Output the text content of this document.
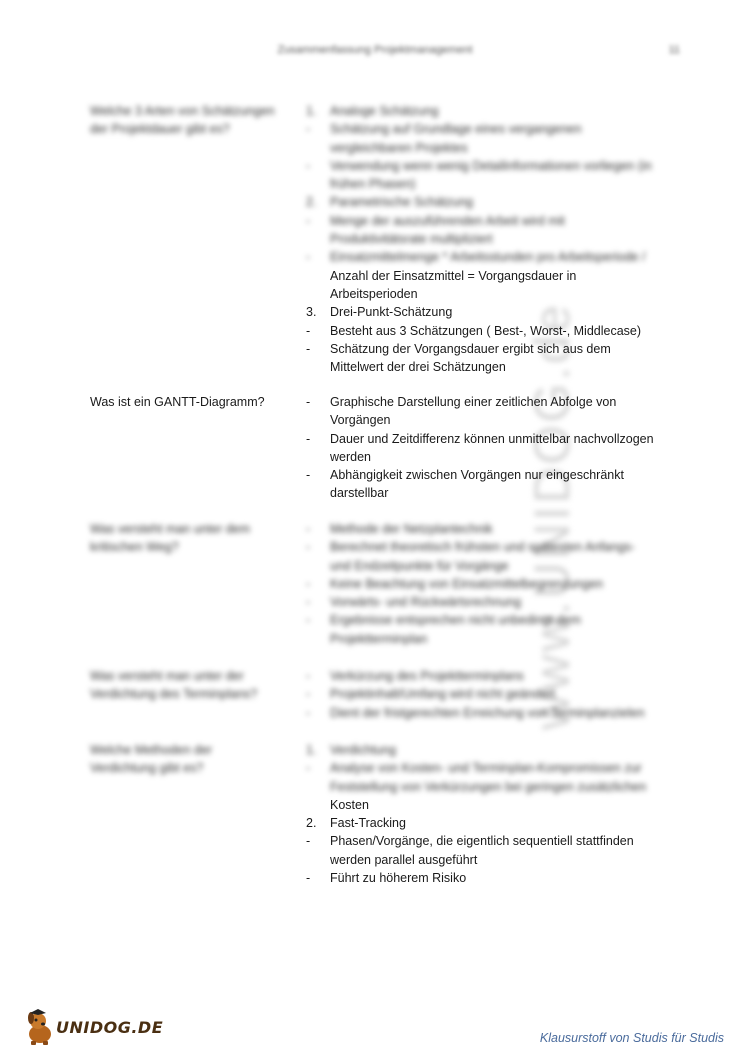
Zusammenfassung Projektmanagement	11
www.UNIDOG.de
Welche 3 Arten von Schätzungen der Projektdauer gibt es?
1.	Analoge Schätzung
-	Schätzung auf Grundlage eines vergangenen vergleichbaren Projektes
-	Verwendung wenn wenig Detailinformationen vorliegen (in frühen Phasen)
2.	Parametrische Schätzung
-	Menge der auszuführenden Arbeit wird mit Produktivitätsrate multipliziert
-	Einsatzmittelmenge * Arbeitsstunden pro Arbeitsperiode /
Anzahl der Einsatzmittel = Vorgangsdauer in Arbeitsperioden
3.	Drei-Punkt-Schätzung
-	Besteht aus 3 Schätzungen ( Best-, Worst-, Middlecase)
-	Schätzung der Vorgangsdauer ergibt sich aus dem Mittelwert der drei Schätzungen
Was ist ein GANTT-Diagramm?	-	Graphische Darstellung einer zeitlichen Abfolge von Vorgängen
-	Dauer und Zeitdifferenz können unmittelbar nachvollzogen werden
-	Abhängigkeit zwischen Vorgängen nur eingeschränkt darstellbar
Was versteht man unter dem kritischen Weg?
-	Methode der Netzplantechnik
-	Berechnet theoretisch frühsten und spätesten Anfangs- und Endzeitpunkte für Vorgänge
-	Keine Beachtung von Einsatzmittelbegrenzungen
-	Vorwärts- und Rückwärtsrechnung
-	Ergebnisse entsprechen nicht unbedingt dem Projektterminplan
Was versteht man unter der Verdichtung des Terminplans?
-	Verkürzung des Projektterminplans
-	Projektinhalt/Umfang wird nicht geändert
-	Dient der fristgerechten Erreichung von Terminplanzielen
Welche Methoden der Verdichtung gibt es?
1.	Verdichtung
-	Analyse von Kosten- und Terminplan-Kompromissen zur Feststellung von Verkürzungen bei geringen zusätzlichen
Kosten
2.	Fast-Tracking
-	Phasen/Vorgänge, die eigentlich sequentiell stattfinden werden parallel ausgeführt
-	Führt zu höherem Risiko
UNIDOG.DE
Klausurstoff von Studis für Studis
